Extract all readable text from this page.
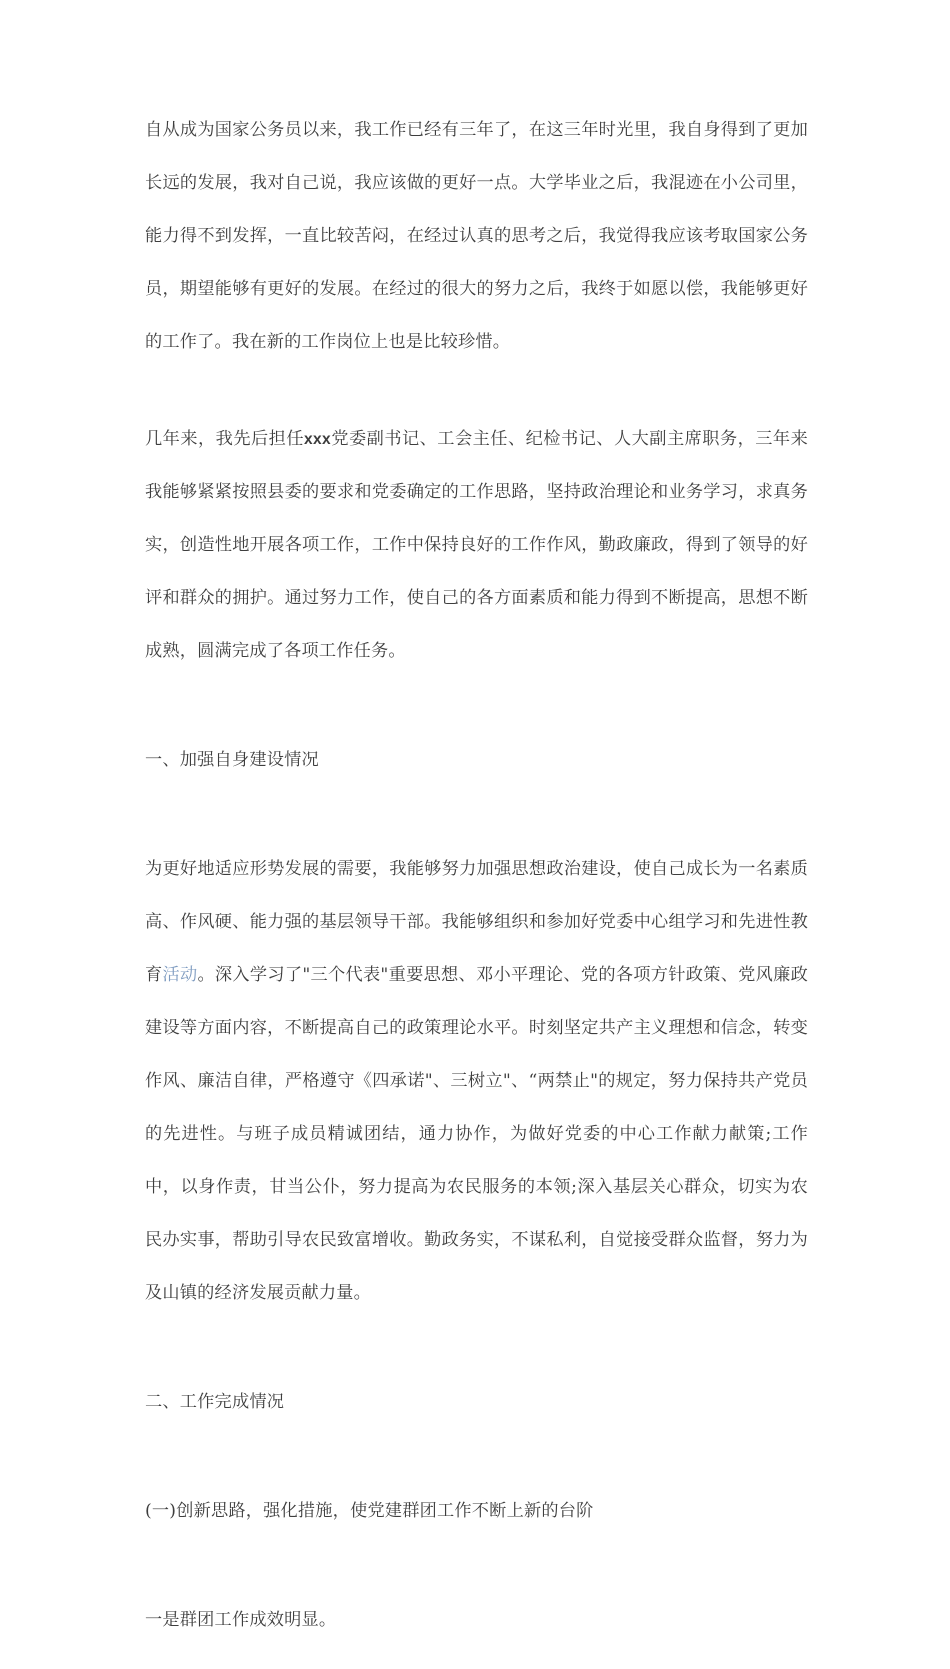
自从成为国家公务员以来，我工作已经有三年了，在这三年时光里，我自身得到了更加长远的发展，我对自己说，我应该做的更好一点。大学毕业之后，我混迹在小公司里，能力得不到发挥，一直比较苦闷，在经过认真的思考之后，我觉得我应该考取国家公务员，期望能够有更好的发展。在经过的很大的努力之后，我终于如愿以偿，我能够更好的工作了。我在新的工作岗位上也是比较珍惜。

几年来，我先后担任xxx党委副书记、工会主任、纪检书记、人大副主席职务，三年来我能够紧紧按照县委的要求和党委确定的工作思路，坚持政治理论和业务学习，求真务实，创造性地开展各项工作，工作中保持良好的工作作风，勤政廉政，得到了领导的好评和群众的拥护。通过努力工作，使自己的各方面素质和能力得到不断提高，思想不断成熟，圆满完成了各项工作任务。

一、加强自身建设情况

为更好地适应形势发展的需要，我能够努力加强思想政治建设，使自己成长为一名素质高、作风硬、能力强的基层领导干部。我能够组织和参加好党委中心组学习和先进性教育活动。深入学习了"三个代表"重要思想、邓小平理论、党的各项方针政策、党风廉政建设等方面内容，不断提高自己的政策理论水平。时刻坚定共产主义理想和信念，转变作风、廉洁自律，严格遵守《四承诺"、三树立"、“两禁止"的规定，努力保持共产党员的先进性。与班子成员精诚团结，通力协作，为做好党委的中心工作献力献策;工作中，以身作责，甘当公仆，努力提高为农民服务的本领;深入基层关心群众，切实为农民办实事，帮助引导农民致富增收。勤政务实，不谋私利，自觉接受群众监督，努力为及山镇的经济发展贡献力量。

二、工作完成情况

(一)创新思路，强化措施，使党建群团工作不断上新的台阶

一是群团工作成效明显。
